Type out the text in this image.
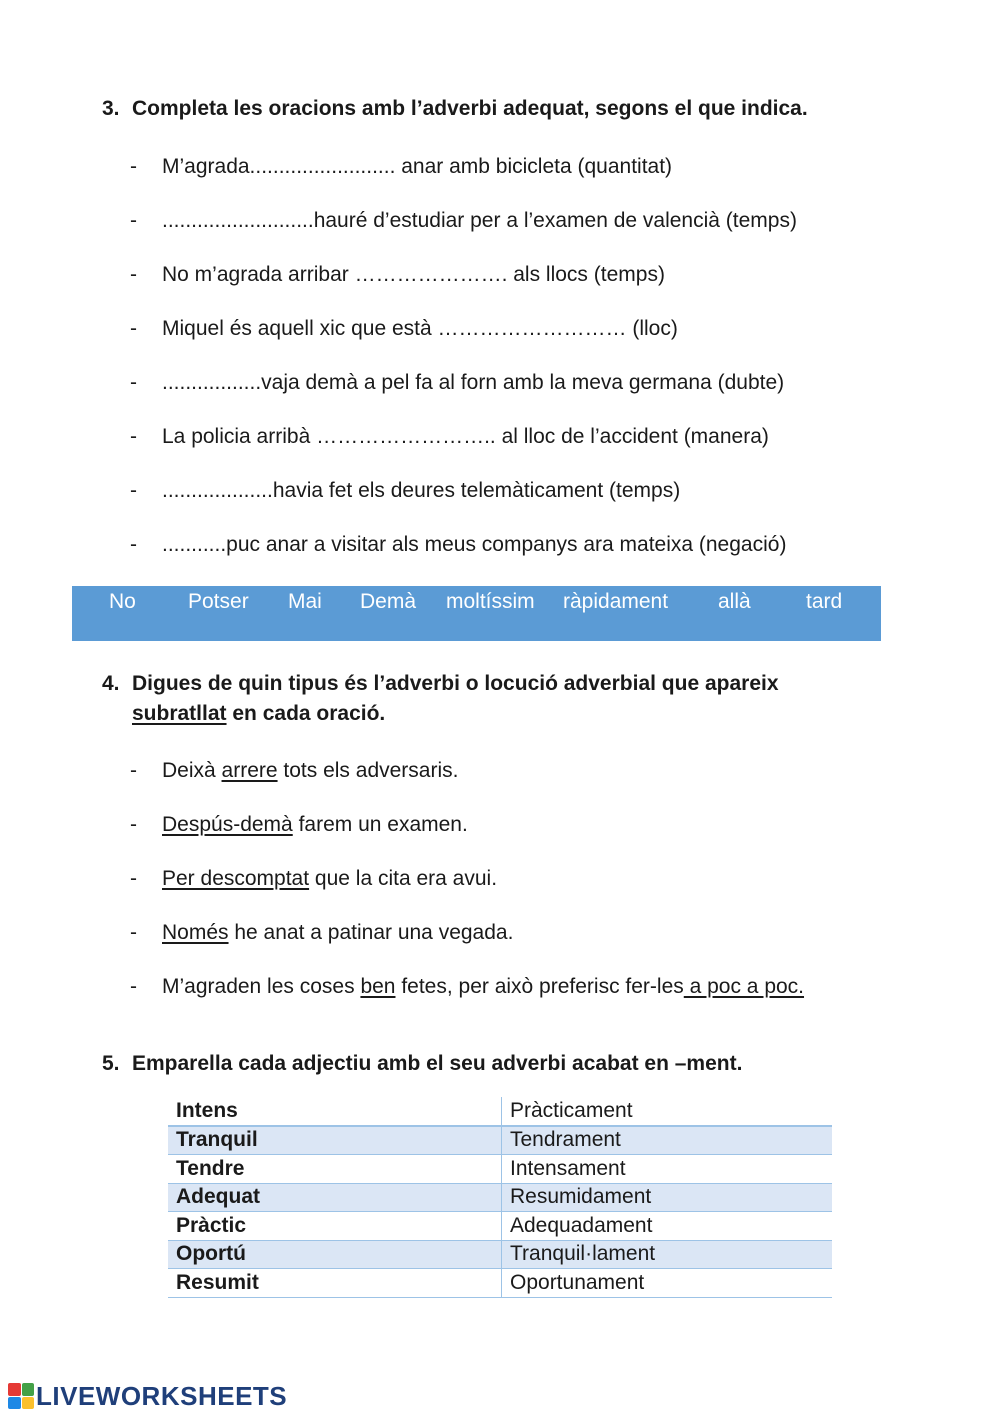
3. Completa les oracions amb l’adverbi adequat, segons el que indica.
- M’agrada......................... anar amb bicicleta (quantitat)
- ..........................hauré d’estudiar per a l’examen de valencià (temps)
- No m’agrada arribar …………………. als llocs (temps)
- Miquel és aquell xic que està ……………………… (lloc)
- .................vaja demà a pel fa al forn amb la meva germana (dubte)
- La policia arribà …………………….. al lloc de l’accident (manera)
- ...................havia fet els deures telemàticament (temps)
- ...........puc anar a visitar als meus companys ara mateixa (negació)
No Potser Mai Demà moltíssim ràpidament allà	tard
4. Digues de quin tipus és l’adverbi o locució adverbial que apareix
subratllat en cada oració.
- Deixà arrere tots els adversaris.
- Despús-demà farem un examen.
- Per descomptat que la cita era avui.
- Només he anat a patinar una vegada.
- M’agraden les coses ben fetes, per això preferisc fer-les a poc a poc.
5. Emparella cada adjectiu amb el seu adverbi acabat en –ment.
Intens	Pràcticament
Tranquil	Tendrament
Tendre	Intensament
Adequat	Resumidament
Pràctic	Adequadament
Oportú	Tranquil·lament
Resumit	Oportunament
LIVEWORKSHEETS
